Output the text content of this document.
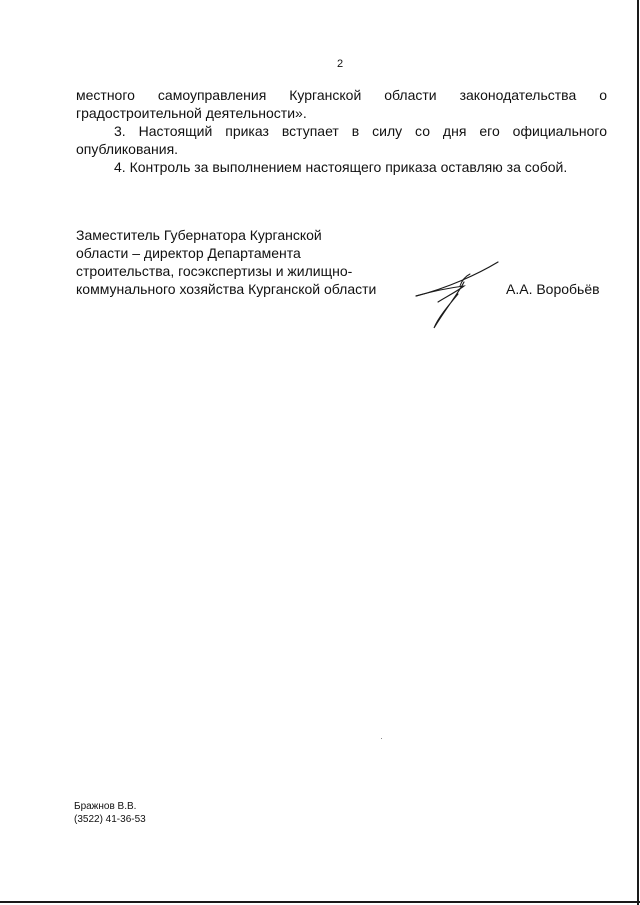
2

местного самоуправления Курганской области законодательства о

градостроительной деятельности».

3. Настоящий приказ вступает в силу со дня его официального

опубликования.

4. Контроль за выполнением настоящего приказа оставляю за собой.

Заместитель Губернатора Курганской
области – директор Департамента
строительства, госэкспертизы и жилищно-
коммунального хозяйства Курганской области	А.А. Воробьёв
Бражнов В.В.
(3522) 41-36-53
